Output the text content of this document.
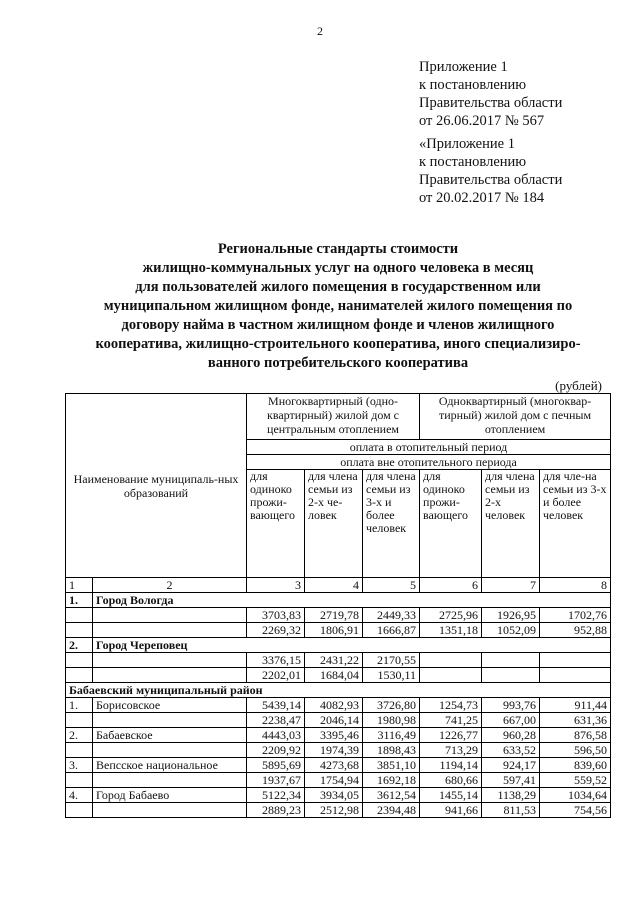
2
Приложение 1
к постановлению
Правительства области
от 26.06.2017 № 567
«Приложение 1
к постановлению
Правительства области
от 20.02.2017 № 184
Региональные стандарты стоимости
жилищно-коммунальных услуг на одного человека в месяц
для пользователей жилого помещения в государственном или
муниципальном жилищном фонде, нанимателей жилого помещения по
договору найма в частном жилищном фонде и членов жилищного
кооператива, жилищно-строительного кооператива, иного специализиро-
ванного потребительского кооператива
(рублей)
Наименование муниципаль-ных образований		Многоквартирный (одно-квартирный) жилой дом с центральным отоплением			Одноквартирный (многоквар-тирный) жилой дом с печным отоплением		
		оплата в отопительный период					
		оплата вне отопительного периода					
		для одиноко прожи-вающего	для члена семьи из 2-х че-ловек	для члена семьи из 3-х и более человек	для одиноко прожи-вающего	для члена семьи из 2-х человек	для чле-на семьи из 3-х и более человек
1	2	3	4	5	6	7	8
1.	Город Вологда						
		3703,83	2719,78	2449,33	2725,96	1926,95	1702,76
		2269,32	1806,91	1666,87	1351,18	1052,09	952,88
2.	Город Череповец						
		3376,15	2431,22	2170,55			
		2202,01	1684,04	1530,11			
Бабаевский муниципальный район							
1.	Борисовское	5439,14	4082,93	3726,80	1254,73	993,76	911,44
		2238,47	2046,14	1980,98	741,25	667,00	631,36
2.	Бабаевское	4443,03	3395,46	3116,49	1226,77	960,28	876,58
		2209,92	1974,39	1898,43	713,29	633,52	596,50
3.	Вепсское национальное	5895,69	4273,68	3851,10	1194,14	924,17	839,60
		1937,67	1754,94	1692,18	680,66	597,41	559,52
4.	Город Бабаево	5122,34	3934,05	3612,54	1455,14	1138,29	1034,64
		2889,23	2512,98	2394,48	941,66	811,53	754,56
